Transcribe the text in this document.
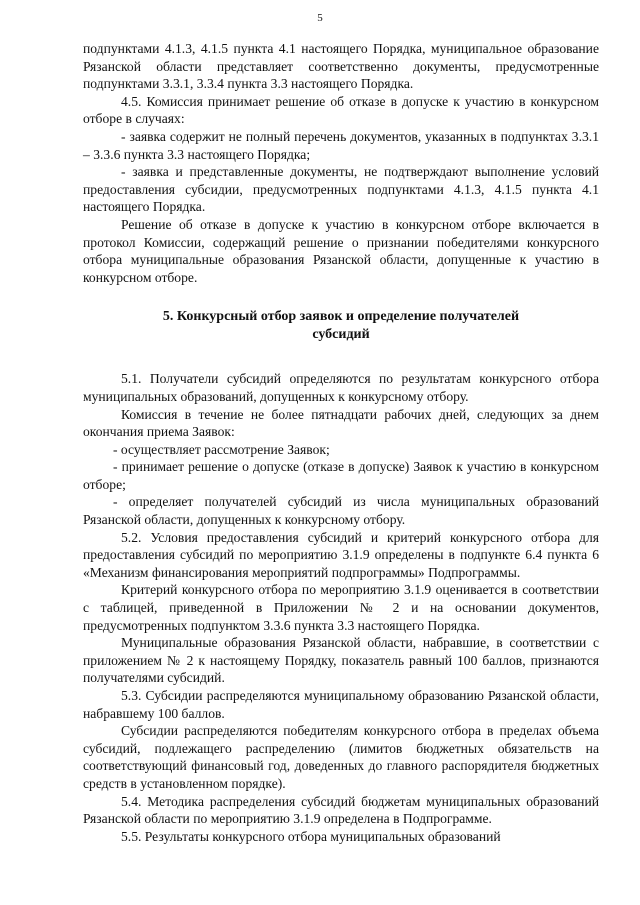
5

подпунктами 4.1.3, 4.1.5 пункта 4.1 настоящего Порядка, муниципальное образование Рязанской области представляет соответственно документы, предусмотренные подпунктами 3.3.1, 3.3.4 пункта 3.3 настоящего Порядка.

4.5. Комиссия принимает решение об отказе в допуске к участию в конкурсном отборе в случаях:

- заявка содержит не полный перечень документов, указанных в подпунктах 3.3.1 – 3.3.6 пункта 3.3 настоящего Порядка;

- заявка и представленные документы, не подтверждают выполнение условий предоставления субсидии, предусмотренных подпунктами 4.1.3, 4.1.5 пункта 4.1 настоящего Порядка.

Решение об отказе в допуске к участию в конкурсном отборе включается в протокол Комиссии, содержащий решение о признании победителями конкурсного отбора муниципальные образования Рязанской области, допущенные к участию в конкурсном отборе.

5. Конкурсный отбор заявок и определение получателей
субсидий

5.1. Получатели субсидий определяются по результатам конкурсного отбора муниципальных образований, допущенных к конкурсному отбору.

Комиссия в течение не более пятнадцати рабочих дней, следующих за днем окончания приема Заявок:

- осуществляет рассмотрение Заявок;

- принимает решение о допуске (отказе в допуске) Заявок к участию в конкурсном отборе;

- определяет получателей субсидий из числа муниципальных образований Рязанской области, допущенных к конкурсному отбору.

5.2. Условия предоставления субсидий и критерий конкурсного отбора для предоставления субсидий по мероприятию 3.1.9 определены в подпункте 6.4 пункта 6 «Механизм финансирования мероприятий подпрограммы» Подпрограммы.

Критерий конкурсного отбора по мероприятию 3.1.9 оценивается в соответствии с таблицей, приведенной в Приложении № 2 и на основании документов, предусмотренных подпунктом 3.3.6 пункта 3.3 настоящего Порядка.

Муниципальные образования Рязанской области, набравшие, в соответствии с приложением № 2 к настоящему Порядку, показатель равный 100 баллов, признаются получателями субсидий.

5.3. Субсидии распределяются муниципальному образованию Рязанской области, набравшему 100 баллов.

Субсидии распределяются победителям конкурсного отбора в пределах объема субсидий, подлежащего распределению (лимитов бюджетных обязательств на соответствующий финансовый год, доведенных до главного распорядителя бюджетных средств в установленном порядке).

5.4. Методика распределения субсидий бюджетам муниципальных образований Рязанской области по мероприятию 3.1.9 определена в Подпрограмме.

5.5. Результаты конкурсного отбора муниципальных образований
